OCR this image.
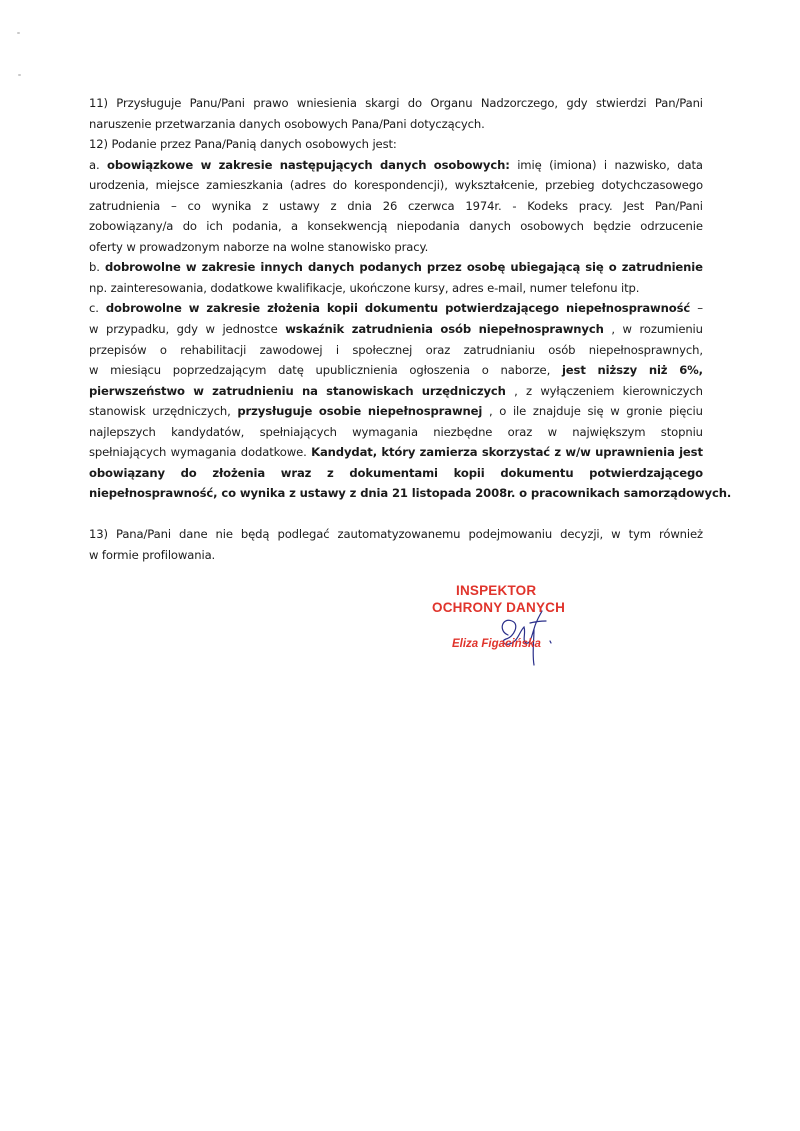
11) Przysługuje Panu/Pani prawo wniesienia skargi do Organu Nadzorczego, gdy stwierdzi Pan/Pani
naruszenie przetwarzania danych osobowych Pana/Pani dotyczących.
12) Podanie przez Pana/Panią danych osobowych jest:
a. obowiązkowe w zakresie następujących danych osobowych: imię (imiona) i nazwisko, data
urodzenia, miejsce zamieszkania (adres do korespondencji), wykształcenie, przebieg dotychczasowego
zatrudnienia – co wynika z ustawy z dnia 26 czerwca 1974r. - Kodeks pracy. Jest Pan/Pani
zobowiązany/a do ich podania, a konsekwencją niepodania danych osobowych będzie odrzucenie
oferty w prowadzonym naborze na wolne stanowisko pracy.
b. dobrowolne w zakresie innych danych podanych przez osobę ubiegającą się o zatrudnienie
np. zainteresowania, dodatkowe kwalifikacje, ukończone kursy, adres e-mail, numer telefonu itp.
c. dobrowolne w zakresie złożenia kopii dokumentu potwierdzającego niepełnosprawność –
w przypadku, gdy w jednostce wskaźnik zatrudnienia osób niepełnosprawnych , w rozumieniu
przepisów o rehabilitacji zawodowej i społecznej oraz zatrudnianiu osób niepełnosprawnych,
w miesiącu poprzedzającym datę upublicznienia ogłoszenia o naborze, jest niższy niż 6%,
pierwszeństwo w zatrudnieniu na stanowiskach urzędniczych , z wyłączeniem kierowniczych
stanowisk urzędniczych, przysługuje osobie niepełnosprawnej , o ile znajduje się w gronie pięciu
najlepszych kandydatów, spełniających wymagania niezbędne oraz w największym stopniu
spełniających wymagania dodatkowe. Kandydat, który zamierza skorzystać z w/w uprawnienia jest
obowiązany do złożenia wraz z dokumentami kopii dokumentu potwierdzającego
niepełnosprawność, co wynika z ustawy z dnia 21 listopada 2008r. o pracownikach samorządowych.
13) Pana/Pani dane nie będą podlegać zautomatyzowanemu podejmowaniu decyzji, w tym również
w formie profilowania.
INSPEKTOR
OCHRONY DANYCH
Eliza Figacińska
